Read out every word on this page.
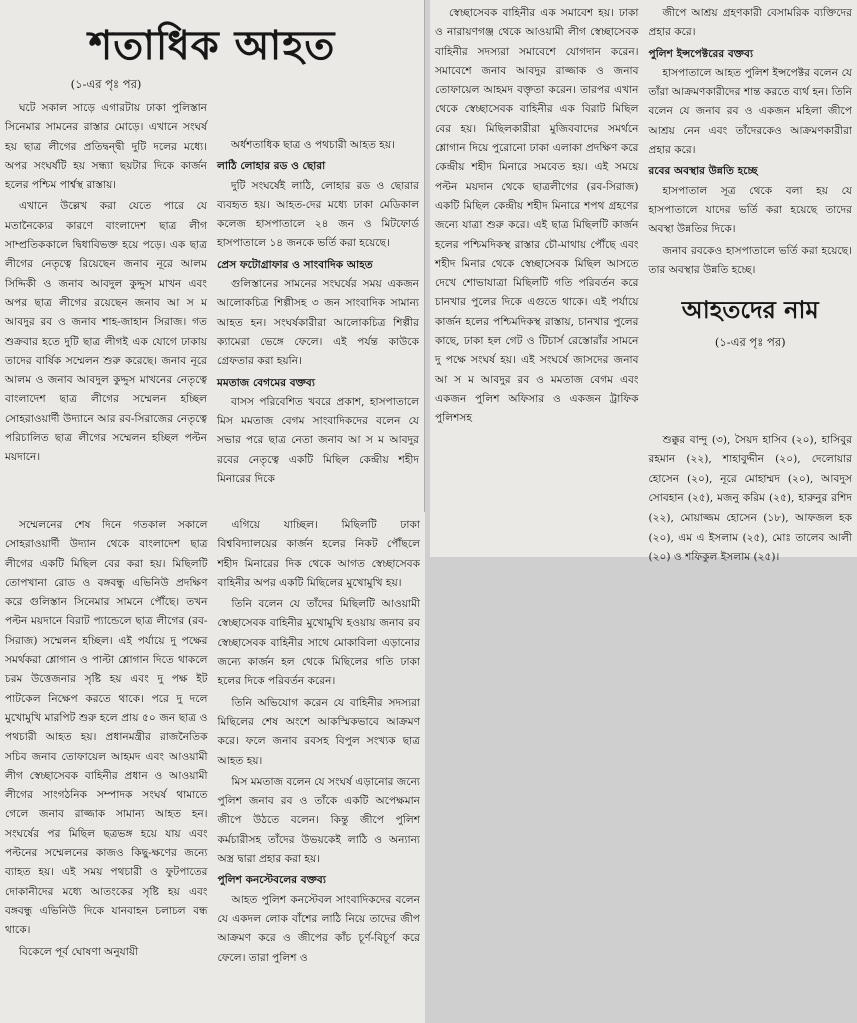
শতাধিক আহত
(১-এর পৃঃ পর)

ঘটে সকাল সাড়ে এগারটায় ঢাকা পুলিস্তান সিনেমার সামনের রাস্তার মোড়ে। এখানে সংঘর্ষ হয় ছাত্র লীগের প্রতিদ্বন্দ্বী দুটি দলের মধ্যে। অপর সংঘর্ষটি হয় সন্ধ্যা ছয়টার দিকে কার্জন হলের পশ্চিম পার্শ্বস্থ রাস্তায়।

এখানে উল্লেখ করা যেতে পারে যে মতানৈক্যের কারণে বাংলাদেশ ছাত্র লীগ সাম্প্রতিককালে দ্বিধাবিভক্ত হয়ে পড়ে। এক ছাত্র লীগের নেতৃত্বে রিয়েছেন জনাব নূরে আলম সিদ্দিকী ও জনাব আবদুল কুদ্দুস মাখন এবং অপর ছাত্র লীগের রয়েছেন জনাব আ স ম আবদুর রব ও জনাব শাহ-জাহান সিরাজ। গত শুক্রবার হতে দুটি ছাত্র লীগই এক যোগে ঢাকায় তাদের বার্ষিক সম্মেলন শুরু করেছে। জনাব নূরে আলম ও জনাব আবদুল কুদ্দুস মাখনের নেতৃত্বে বাংলাদেশ ছাত্র লীগের সম্মেলন হচ্ছিল সোহরাওয়ার্দী উদ্যানে আর রব-সিরাজের নেতৃত্বে পরিচালিত ছাত্র লীগের সম্মেলন হচ্ছিল পল্টন ময়দানে।

অর্ধশতাধিক ছাত্র ও পথচারী আহত হয়।

লাঠি লোহার রড ও ছোরা

দুটি সংঘর্ষেই লাঠি, লোহার রড ও ছোরার ব্যবহৃত হয়। আহত-দের মধ্যে ঢাকা মেডিকাল কলেজ হাসপাতালে ২৪ জন ও মিটফোর্ড হাসপাতালে ১৪ জনকে ভর্তি করা হয়েছে।

প্রেস ফটোগ্রাফার ও সাংবাদিক আহত

গুলিস্তানের সামনের সংঘর্ষের সময় একজন আলোকচিত্র শিল্পীসহ ৩ জন সাংবাদিক সামান্য আহত হন। সংঘর্ষকারীরা আলোকচিত্র শিল্পীর ক্যামেরা ভেঙ্গে ফেলে। এই পর্যন্ত কাউকে গ্রেফতার করা হয়নি।

মমতাজ বেগমের বক্তব্য

বাসস পরিবেশিত খবরে প্রকাশ, হাসপাতালে মিস মমতাজ বেগম সাংবাদিকদের বলেন যে সভার পরে ছাত্র নেতা জনাব আ স ম আবদুর রবের নেতৃত্বে একটি মিছিল কেন্দ্রীয় শহীদ মিনারের দিকে

সম্মেলনের শেষ দিনে গতকাল সকালে সোহরাওয়ার্দী উদ্যান থেকে বাংলাদেশ ছাত্র লীগের একটি মিছিল বের করা হয়। মিছিলটি তোপখানা রোড ও বঙ্গবন্ধু এভিনিউ প্রদক্ষিণ করে গুলিস্তান সিনেমার সামনে পৌঁছে। তখন পল্টন ময়দানে বিরাট প্যান্ডেলে ছাত্র লীগের (রব-সিরাজ) সম্মেলন হচ্ছিল। এই পর্যায়ে দু পক্ষের সমর্থকরা শ্লোগান ও পাল্টা শ্লোগান দিতে থাকলে চরম উত্তেজনার সৃষ্টি হয় এবং দু পক্ষ ইট পাটকেল নিক্ষেপ করতে থাকে। পরে দু দলে মুখোমুখি মারপিট শুরু হলে প্রায় ৫০ জন ছাত্র ও পথচারী আহত হয়। প্রধানমন্ত্রীর রাজনৈতিক সচিব জনাব তোফায়েল আহমদ এবং আওয়ামী লীগ স্বেচ্ছাসেবক বাহিনীর প্রধান ও আওয়ামী লীগের সাংগঠনিক সম্পাদক সংঘর্ষ থামাতে গেলে জনাব রাজ্জাক সামান্য আহত হন। সংঘর্ষের পর মিছিল ছত্রভঙ্গ হয়ে যায় এবং পল্টনের সম্মেলনের কাজও কিছু-ক্ষণের জন্যে ব্যাহত হয়। এই সময় পথচারী ও ফুটপাতের দোকানীদের মধ্যে আতংকের সৃষ্টি হয় এবং বঙ্গবন্ধু এভিনিউ দিকে যানবাহন চলাচল বন্ধ থাকে।

বিকেলে পূর্ব ঘোষণা অনুযায়ী

এগিয়ে যাচ্ছিল। মিছিলটি ঢাকা বিশ্ববিদ্যালয়ের কার্জন হলের নিকট পৌঁছলে শহীদ মিনারের দিক থেকে আগত স্বেচ্ছাসেবক বাহিনীর অপর একটি মিছিলের মুখোমুখি হয়।

তিনি বলেন যে তাঁদের মিছিলটি আওয়ামী স্বেচ্ছাসেবক বাহিনীর মুখোমুখি হওয়ায় জনাব রব স্বেচ্ছাসেবক বাহিনীর সাথে মোকাবিলা এড়ানোর জন্যে কার্জন হল থেকে মিছিলের গতি ঢাকা হলের দিকে পরিবর্তন করেন।

তিনি অভিযোগ করেন যে বাহিনীর সদস্যরা মিছিলের শেষ অংশে আকস্মিকভাবে আক্রমণ করে। ফলে জনাব রবসহ বিপুল সংখ্যক ছাত্র আহত হয়।

মিস মমতাজ বলেন যে সংঘর্ষ এড়ানোর জন্যে পুলিশ জনাব রব ও তাঁকে একটি অপেক্ষমান জীপে উঠতে বলেন। কিন্তু জীপে পুলিশ কর্মচারীসহ তাঁদের উভয়কেই লাঠি ও অন্যান্য অস্ত্র দ্বারা প্রহার করা হয়।

পুলিশ কনস্টেবলের বক্তব্য

আহত পুলিশ কনস্টেবল সাংবাদিকদের বলেন যে একদল লোক বাঁশের লাঠি নিয়ে তাদের জীপ আক্রমণ করে ও জীপের কাঁচ চূর্ণ-বিচূর্ণ করে ফেলে। তারা পুলিশ ও

স্বেচ্ছাসেবক বাহিনীর এক সমাবেশ হয়। ঢাকা ও নারায়ণগঞ্জ থেকে আওয়ামী লীগ স্বেচ্ছাসেবক বাহিনীর সদস্যরা সমাবেশে যোগদান করেন। সমাবেশে জনাব আবদুর রাজ্জাক ও জনাব তোফায়েল আহমদ বক্তৃতা করেন। তারপর এখান থেকে স্বেচ্ছাসেবক বাহিনীর এক বিরাট মিছিল বের হয়। মিছিলকারীরা মুজিববাদের সমর্থনে শ্লোগান দিয়ে পুরোনো ঢাকা এলাকা প্রদক্ষিণ করে কেন্দ্রীয় শহীদ মিনারে সমবেত হয়। এই সময়ে পল্টন ময়দান থেকে ছাত্রলীগের (রব-সিরাজ) একটি মিছিল কেন্দ্রীয় শহীদ মিনারে শপথ গ্রহণের জন্যে যাত্রা শুরু করে। এই ছাত্র মিছিলটি কার্জন হলের পশ্চিমদিকস্থ রাস্তার চৌ-মাথায় পৌঁছে এবং শহীদ মিনার থেকে স্বেচ্ছাসেবক মিছিল আসতে দেখে শোভাযাত্রা মিছিলটি গতি পরিবর্তন করে চানখার পুলের দিকে এগুতে থাকে। এই পর্যায়ে কার্জন হলের পশ্চিমদিকস্থ রাস্তায়, চানখার পুলের কাছে, ঢাকা হল গেট ও টিচার্স রেস্তোরাঁর সামনে দু পক্ষে সংঘর্ষ হয়। এই সংঘর্ষে জাসদের জনাব আ স ম আবদুর রব ও মমতাজ বেগম এবং একজন পুলিশ অফিসার ও একজন ট্রাফিক পুলিশসহ

জীপে আশ্রয় গ্রহণকারী বেসামরিক ব্যক্তিদের প্রহার করে।

পুলিশ ইন্সপেক্টরের বক্তব্য

হাসপাতালে আহত পুলিশ ইন্সপেক্টর বলেন যে তাঁরা আক্রমণকারীদের শান্ত করতে ব্যর্থ হন। তিনি বলেন যে জনাব রব ও একজন মহিলা জীপে আশ্রয় নেন এবং তাঁদেরকেও আক্রমণকারীরা প্রহার করে।

রবের অবস্থার উন্নতি হচ্ছে

হাসপাতাল সূত্র থেকে বলা হয় যে হাসপাতালে যাদের ভর্তি করা হয়েছে তাদের অবস্থা উন্নতির দিকে।

জনাব রবকেও হাসপাতালে ভর্তি করা হয়েছে। তার অবস্থার উন্নতি হচ্ছে।

আহতদের নাম
(১-এর পৃঃ পর)

শুক্কুর বান্দু (৩), সৈয়দ হাসিব (২০), হাসিবুর রহমান (২২), শাহাবুদ্দীন (২০), দেলোয়ার হোসেন (২০), নূরে মোহাম্মদ (২০), আবদুস সোবহান (২৫), মজনু করিম (২৫), হারুনুর রশিদ (২২), মোয়াজ্জম হোসেন (১৮), আফজল হক (২০), এম এ ইসলাম (২৫), মোঃ তালেব আলী (২০) ও শফিকুল ইসলাম (২৫)।
